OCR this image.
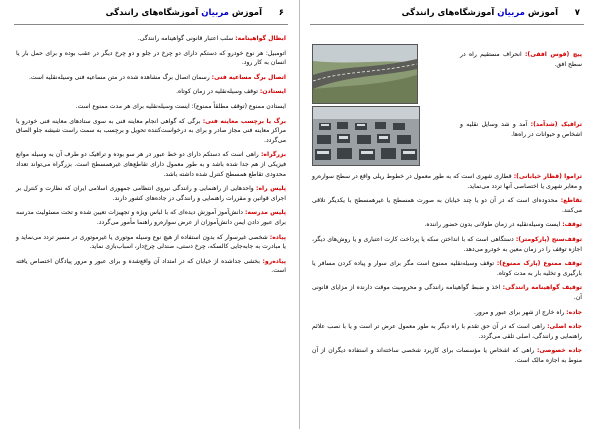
۶
آموزش مربیان آموزشگاه‌های رانندگی

ابطال گواهینامه: سلب اعتبار قانونی گواهینامه رانندگی.

اتومبیل: هر نوع خودرو که دستکم دارای دو چرخ در جلو و دو چرخ دیگر در عقب بوده و برای حمل بار یا انسان به کار رود.

اتصال برگ مساعیه فنی: رسمان اتصال برگ مشاهده شده در متن مساعیه فنی وسیله‌نقلیه است.

ایستادن: توقف وسیله‌نقلیه در زمان کوتاه.

ایستادن ممنوع (توقف مطلقاً ممنوع): ایست وسیله‌نقلیه برای هر مدت ممنوع است.

برگ یا برچسب معاینه فنی: برگی که گواهی انجام معاینه فنی به سوی ستادهای معاینه فنی خودرو یا مراکز معاینه فنی مجاز صادر و برای به درخواست‌کننده تحویل و برچسب به سمت راست شیشه جلو الصاق می‌گردد.

بزرگراه: راهی است که دستکم دارای دو خط عبور در هر سو بوده و ترافیک دو طرف آن به وسیله موانع فیزیکی از هم جدا شده باشد و به طور معمول دارای تقاطع‌های غیرهمسطح است. بزرگراه می‌تواند تعداد محدودی تقاطع همسطح کنترل شده داشته باشد.

پلیس راه: واحدهایی از راهنمایی و رانندگی نیروی انتظامی جمهوری اسلامی ایران که نظارت و کنترل بر اجرای قوانین و مقررات راهنمایی و رانندگی در جاده‌های کشور دارند.

پلیس مدرسه: دانش‌آموز آموزش دیده‌ای که با لباس ویژه و تجهیزات تعیین شده و تحت مسئولیت مدرسه برای عبور دادن ایمن دانش‌آموزان از عرض سواره‌رو راهنما مأمور می‌گردد.

پیاده: شخصی غیرسوار که بدون استفاده از هیچ نوع وسیله موتوری یا غیرموتوری در مسیر تردد می‌نماید و یا مبادرت به جابه‌جایی کالسکه، چرخ دستی، صندلی چرخ‌دار، اسباب‌بازی نماید.

پیاده‌رو: بخشی جداشده از خیابان که در امتداد آن واقع‌شده و برای عبور و مرور پیادگان اختصاص یافته است.

۷
آموزش مربیان آموزشگاه‌های رانندگی
پیچ (قوس افقی): انحراف مستقیم راه در سطح افق.
ترافیک (شدآمد): آمد و شد وسایل نقلیه و اشخاص و حیوانات در راه‌ها.

تراموا (قطار خیابانی): قطاری شهری است که به طور معمول در خطوط ریلی واقع در سطح سواره‌رو و معابر شهری یا اختصاصی آنها تردد می‌نماید.

تقاطع: محدوده‌ای است که در آن دو یا چند خیابان به صورت همسطح یا غیرهمسطح با یکدیگر تلاقی می‌کنند.

توقف: ایست وسیله‌نقلیه در زمان طولانی بدون حضور راننده.

توقف‌سنج (پارکومتر): دستگاهی است که با انداختن سکه یا پرداخت کارت اعتباری و یا روش‌های دیگر، اجازه توقف را در زمان معین به خودرو می‌دهد.

توقف ممنوع (پارک ممنوع): توقف وسیله‌نقلیه ممنوع است مگر برای سوار و پیاده کردن مسافر یا بارگیری و تخلیه بار به مدت کوتاه.

توقیف گواهینامه رانندگی: اخذ و ضبط گواهینامه رانندگی و محرومیت موقت دارنده از مزایای قانونی آن.

جاده: راه خارج از شهر برای عبور و مرور.

جاده اصلی: راهی است که در آن حق تقدم با راه دیگر به طور معمول عرض تر است و یا با نصب علائم راهنمایی و رانندگی، اصلی تلقی می‌گردد.

جاده خصوصی: راهی که اشخاص یا مؤسسات برای کاربرد شخصی ساخته‌اند و استفاده دیگران از آن منوط به اجازه مالک است.
